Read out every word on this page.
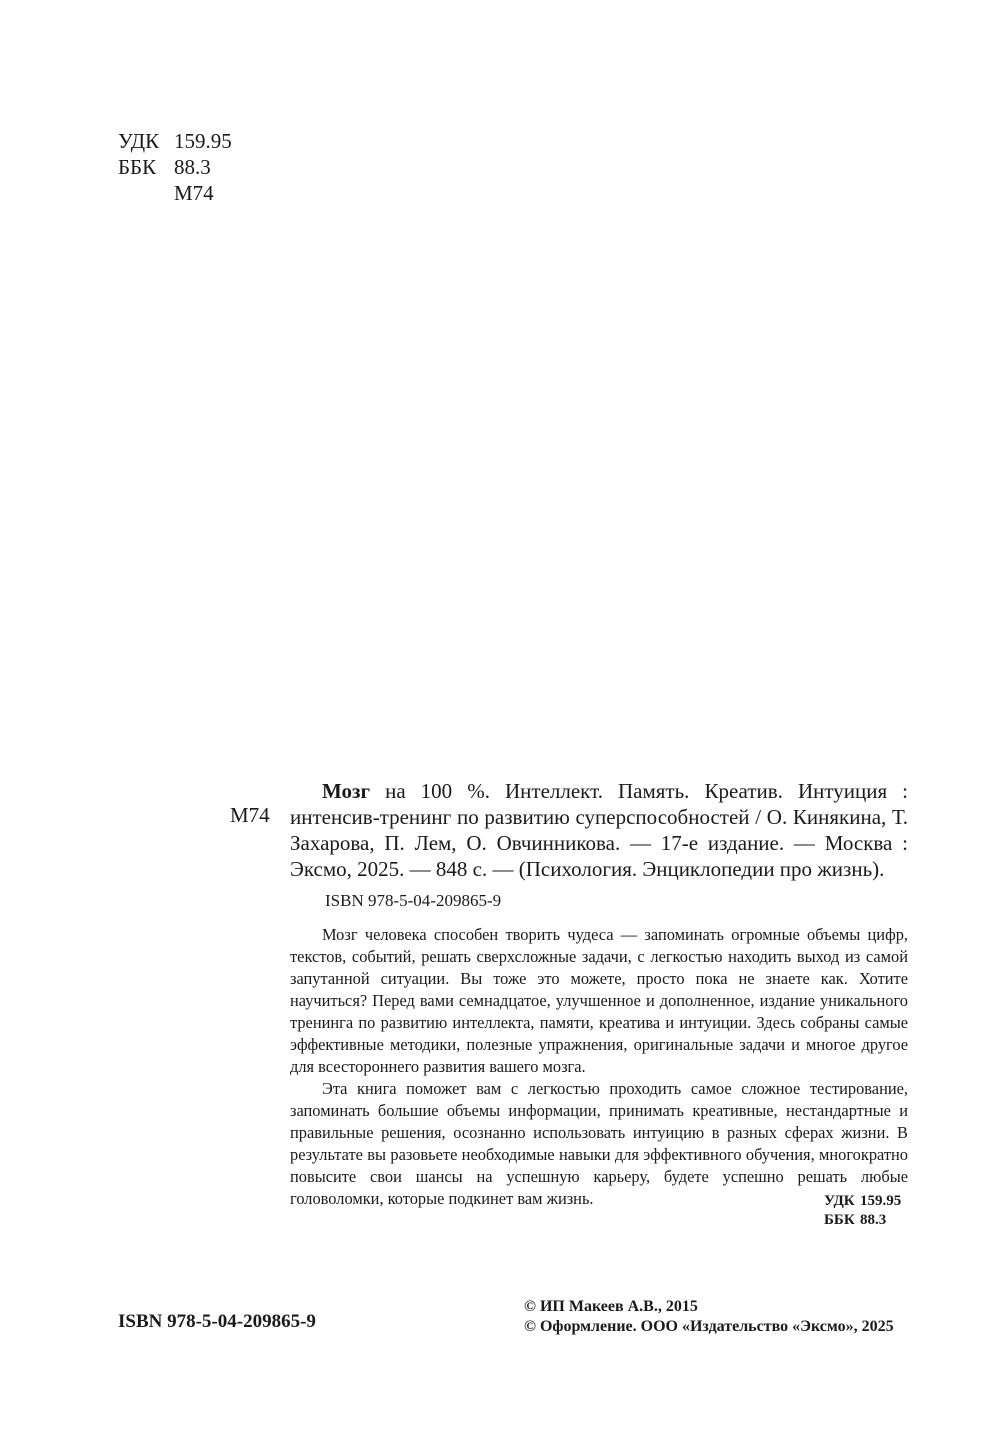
УДК 159.95
ББК 88.3
М74
М74

Мозг на 100 %. Интеллект. Память. Креатив. Интуиция : интенсив-тренинг по развитию суперспособностей / О. Кинякина, Т. Захарова, П. Лем, О. Овчинникова. — 17-е издание. — Москва : Эксмо, 2025. — 848 с. — (Психология. Энциклопедии про жизнь).

ISBN 978-5-04-209865-9

Мозг человека способен творить чудеса — запоминать огромные объемы цифр, текстов, событий, решать сверхсложные задачи, с легкостью находить выход из самой запутанной ситуации. Вы тоже это можете, просто пока не знаете как. Хотите научиться? Перед вами семнадцатое, улучшенное и дополненное, издание уникального тренинга по развитию интеллекта, памяти, креатива и интуиции. Здесь собраны самые эффективные методики, полезные упражнения, оригинальные задачи и многое другое для всестороннего развития вашего мозга.

Эта книга поможет вам с легкостью проходить самое сложное тестирование, запоминать большие объемы информации, принимать креативные, нестандартные и правильные решения, осознанно использовать интуицию в разных сферах жизни. В результате вы разовьете необходимые навыки для эффективного обучения, многократно повысите свои шансы на успешную карьеру, будете успешно решать любые головоломки, которые подкинет вам жизнь.	УДК 159.95
ББК 88.3
ISBN 978-5-04-209865-9
© ИП Макеев А.В., 2015
© Оформление. ООО «Издательство «Эксмо», 2025
